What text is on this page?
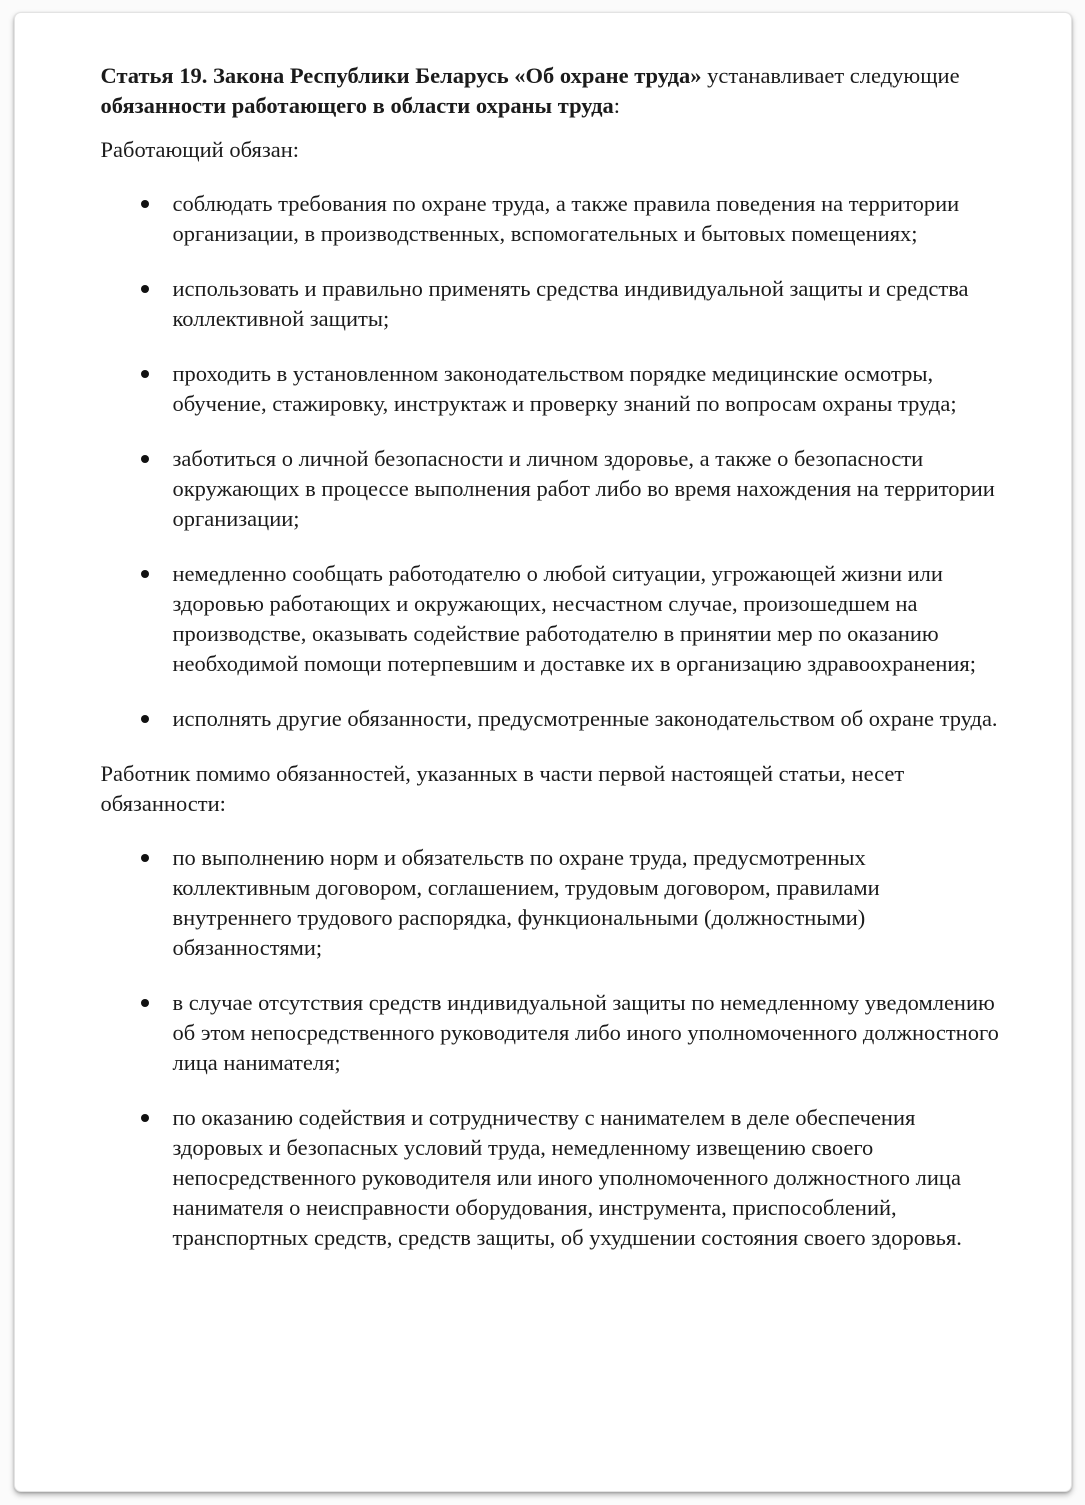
Статья 19. Закона Республики Беларусь «Об охране труда» устанавливает следующие обязанности работающего в области охраны труда:

Работающий обязан:

соблюдать требования по охране труда, а также правила поведения на территории организации, в производственных, вспомогательных и бытовых помещениях;
использовать и правильно применять средства индивидуальной защиты и средства коллективной защиты;
проходить в установленном законодательством порядке медицинские осмотры, обучение, стажировку, инструктаж и проверку знаний по вопросам охраны труда;
заботиться о личной безопасности и личном здоровье, а также о безопасности окружающих в процессе выполнения работ либо во время нахождения на территории организации;
немедленно сообщать работодателю о любой ситуации, угрожающей жизни или здоровью работающих и окружающих, несчастном случае, произошедшем на производстве, оказывать содействие работодателю в принятии мер по оказанию необходимой помощи потерпевшим и доставке их в организацию здравоохранения;
исполнять другие обязанности, предусмотренные законодательством об охране труда.

Работник помимо обязанностей, указанных в части первой настоящей статьи, несет обязанности:

по выполнению норм и обязательств по охране труда, предусмотренных коллективным договором, соглашением, трудовым договором, правилами внутреннего трудового распорядка, функциональными (должностными) обязанностями;
в случае отсутствия средств индивидуальной защиты по немедленному уведомлению об этом непосредственного руководителя либо иного уполномоченного должностного лица нанимателя;
по оказанию содействия и сотрудничеству с нанимателем в деле обеспечения здоровых и безопасных условий труда, немедленному извещению своего непосредственного руководителя или иного уполномоченного должностного лица нанимателя о неисправности оборудования, инструмента, приспособлений, транспортных средств, средств защиты, об ухудшении состояния своего здоровья.
